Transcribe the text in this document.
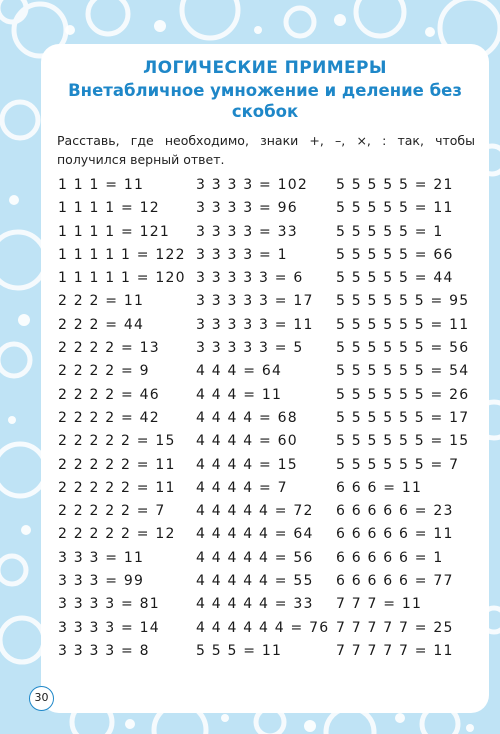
ЛОГИЧЕСКИЕ ПРИМЕРЫ
Внетабличное умножение и деление без скобок
Расставь, где необходимо, знаки +, –, ×, : так, чтобы получился верный ответ.
1 1 1 = 11
1 1 1 1 = 12
1 1 1 1 = 121
1 1 1 1 1 = 122
1 1 1 1 1 = 120
2 2 2 = 11
2 2 2 = 44
2 2 2 2 = 13
2 2 2 2 = 9
2 2 2 2 = 46
2 2 2 2 = 42
2 2 2 2 2 = 15
2 2 2 2 2 = 11
2 2 2 2 2 = 11
2 2 2 2 2 = 7
2 2 2 2 2 = 12
3 3 3 = 11
3 3 3 = 99
3 3 3 3 = 81
3 3 3 3 = 14
3 3 3 3 = 8
3 3 3 3 = 102
3 3 3 3 = 96
3 3 3 3 = 33
3 3 3 3 = 1
3 3 3 3 3 = 6
3 3 3 3 3 = 17
3 3 3 3 3 = 11
3 3 3 3 3 = 5
4 4 4 = 64
4 4 4 = 11
4 4 4 4 = 68
4 4 4 4 = 60
4 4 4 4 = 15
4 4 4 4 = 7
4 4 4 4 4 = 72
4 4 4 4 4 = 64
4 4 4 4 4 = 56
4 4 4 4 4 = 55
4 4 4 4 4 = 33
4 4 4 4 4 4 = 76
5 5 5 = 11
5 5 5 5 5 = 21
5 5 5 5 5 = 11
5 5 5 5 5 = 1
5 5 5 5 5 = 66
5 5 5 5 5 = 44
5 5 5 5 5 5 = 95
5 5 5 5 5 5 = 11
5 5 5 5 5 5 = 56
5 5 5 5 5 5 = 54
5 5 5 5 5 5 = 26
5 5 5 5 5 5 = 17
5 5 5 5 5 5 = 15
5 5 5 5 5 5 = 7
6 6 6 = 11
6 6 6 6 6 = 23
6 6 6 6 6 = 11
6 6 6 6 6 = 1
6 6 6 6 6 = 77
7 7 7 = 11
7 7 7 7 7 = 25
7 7 7 7 7 = 11
30
